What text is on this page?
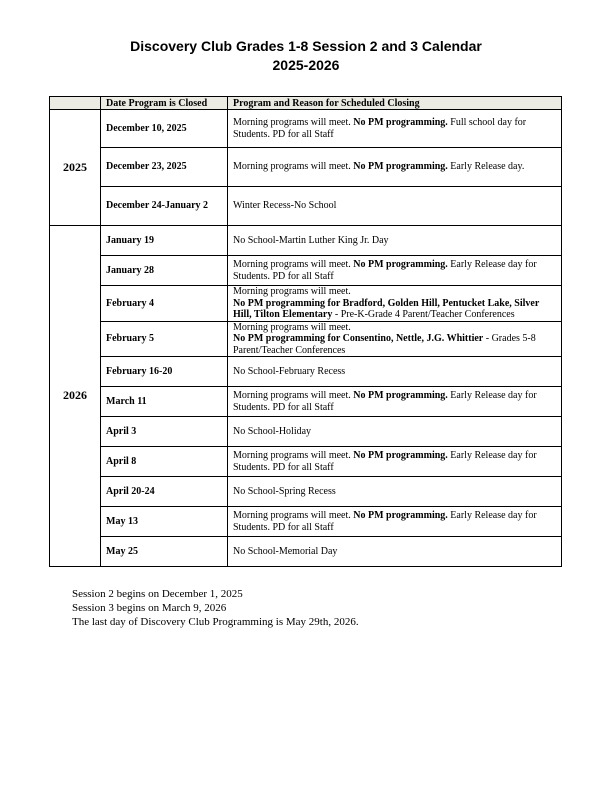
Discovery Club Grades 1-8 Session 2 and 3 Calendar
2025-2026
	Date Program is Closed	Program and Reason for Scheduled Closing
2025	December 10, 2025	Morning programs will meet. No PM programming. Full school day for Students. PD for all Staff
	December 23, 2025	Morning programs will meet. No PM programming. Early Release day.
	December 24-January 2	Winter Recess-No School
2026	January 19	No School-Martin Luther King Jr. Day
	January 28	Morning programs will meet. No PM programming. Early Release day for Students. PD for all Staff
	February 4	Morning programs will meet.
No PM programming for Bradford, Golden Hill, Pentucket Lake, Silver Hill, Tilton Elementary - Pre-K-Grade 4 Parent/Teacher Conferences
	February 5	Morning programs will meet.
No PM programming for Consentino, Nettle, J.G. Whittier - Grades 5-8 Parent/Teacher Conferences
	February 16-20	No School-February Recess
	March 11	Morning programs will meet. No PM programming. Early Release day for Students. PD for all Staff
	April 3	No School-Holiday
	April 8	Morning programs will meet. No PM programming. Early Release day for Students. PD for all Staff
	April 20-24	No School-Spring Recess
	May 13	Morning programs will meet. No PM programming. Early Release day for Students. PD for all Staff
	May 25	No School-Memorial Day
Session 2 begins on December 1, 2025
Session 3 begins on March 9, 2026
The last day of Discovery Club Programming is May 29th, 2026.
